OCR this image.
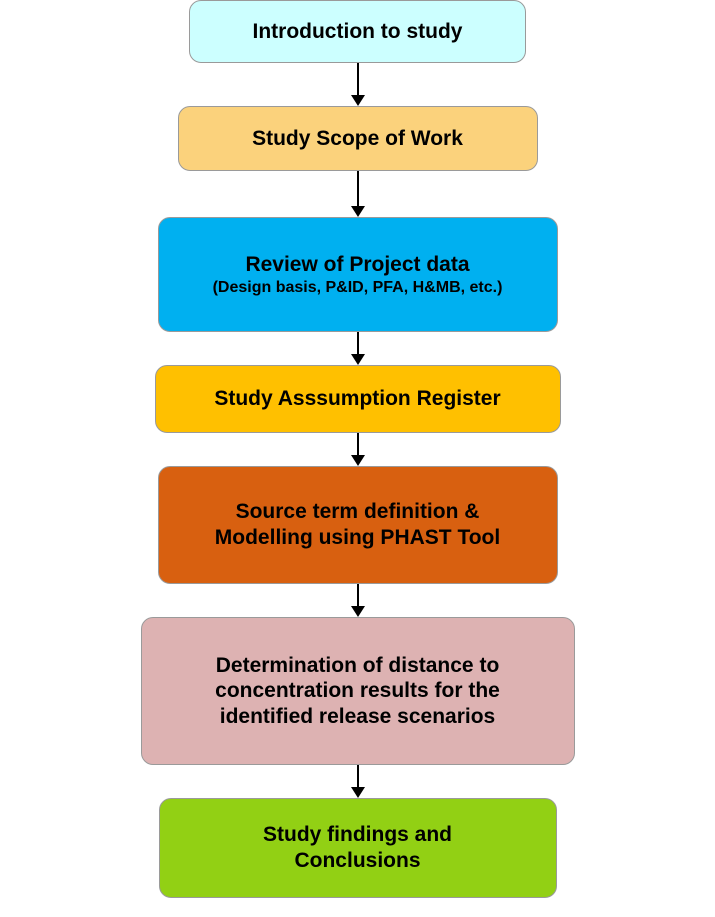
Introduction to study
Study Scope of Work
Review of Project data
(Design basis, P&ID, PFA, H&MB, etc.)
Study Asssumption Register
Source term definition &
Modelling using PHAST Tool
Determination of distance to
concentration results for the
identified release scenarios
Study findings and
Conclusions
